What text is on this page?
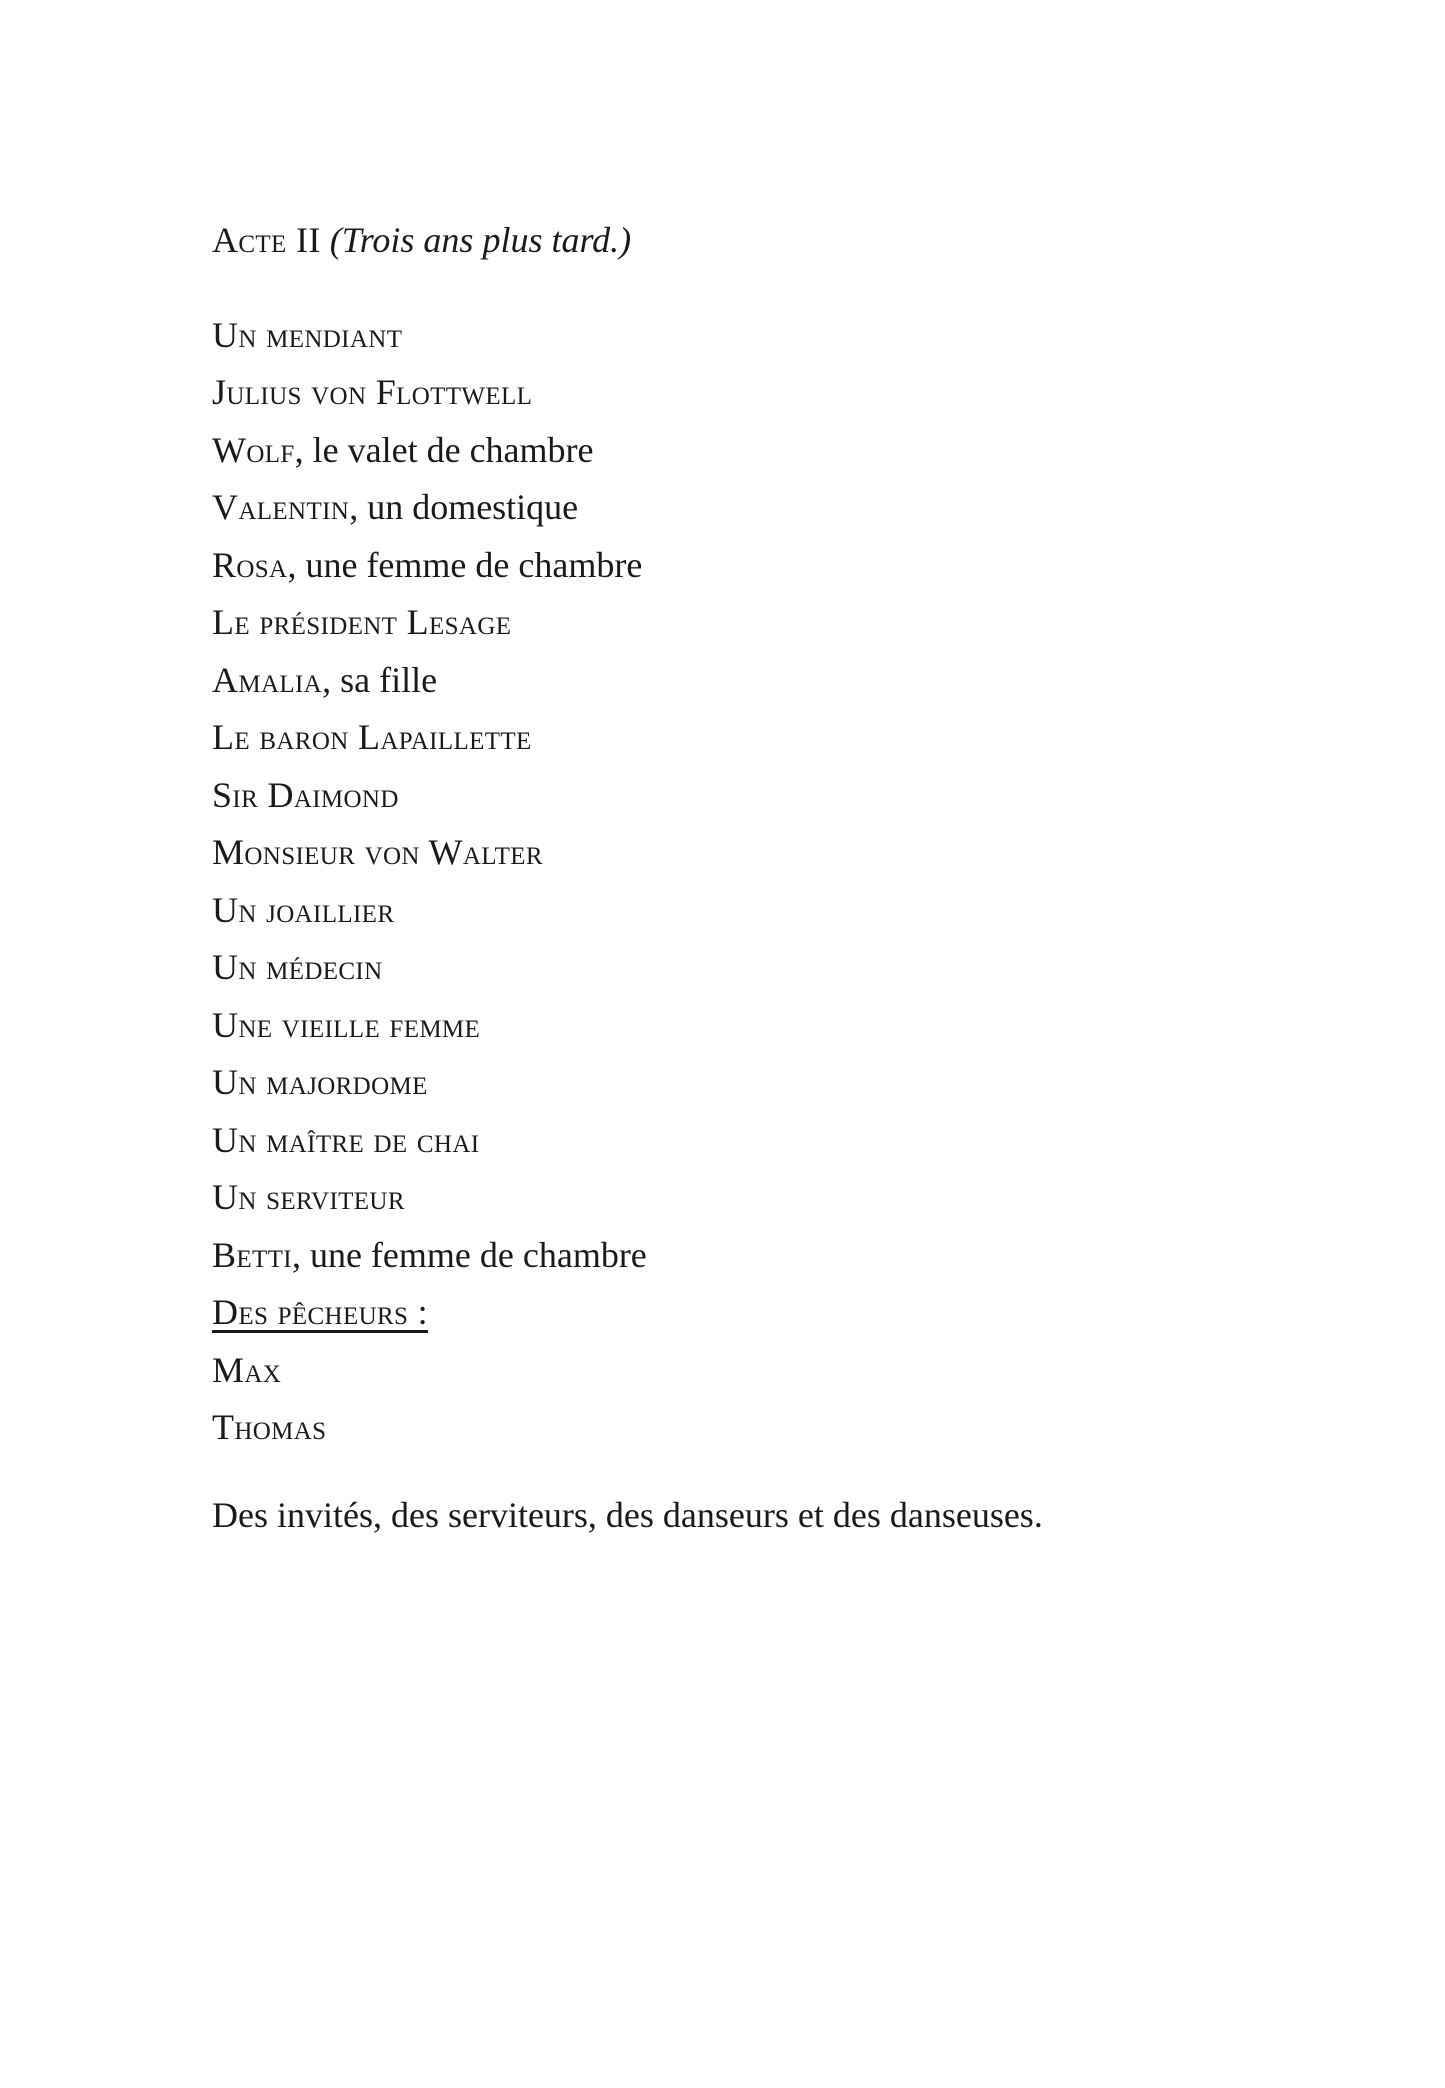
Acte II (Trois ans plus tard.)
Un mendiant
Julius von Flottwell
Wolf, le valet de chambre
Valentin, un domestique
Rosa, une femme de chambre
Le président Lesage
Amalia, sa fille
Le baron Lapaillette
Sir Daimond
Monsieur von Walter
Un joaillier
Un médecin
Une vieille femme
Un majordome
Un maître de chai
Un serviteur
Betti, une femme de chambre
Des pêcheurs :
Max
Thomas

Des invités, des serviteurs, des danseurs et des danseuses.
